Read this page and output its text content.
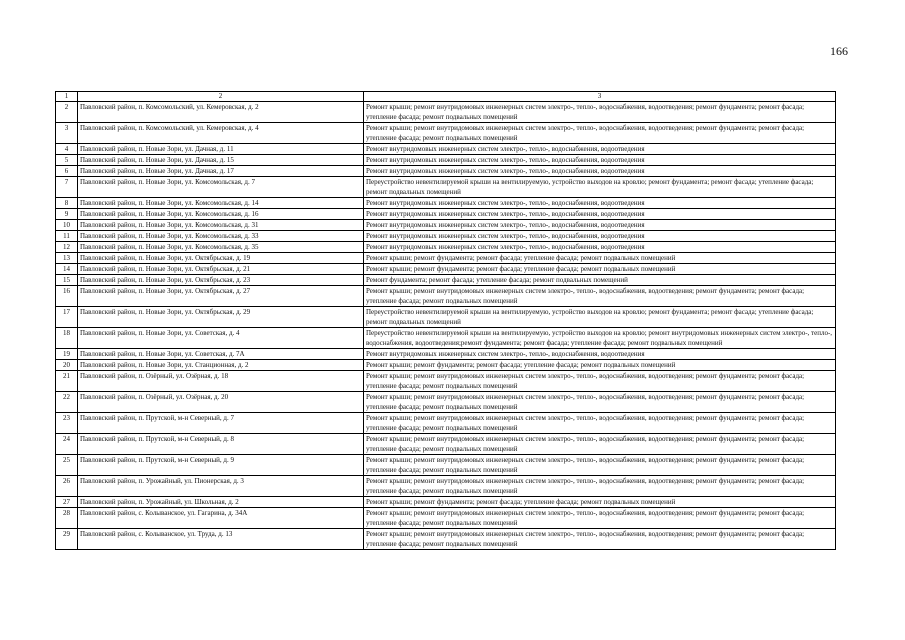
166
1	2	3
2	Павловский район, п. Комсомольский, ул. Кемеровская, д. 2	Ремонт крыши; ремонт внутридомовых инженерных систем электро-, тепло-, водоснабжения, водоотведения; ремонт фундамента; ремонт фасада; утепление фасада; ремонт подвальных помещений
3	Павловский район, п. Комсомольский, ул. Кемеровская, д. 4	Ремонт крыши; ремонт внутридомовых инженерных систем электро-, тепло-, водоснабжения, водоотведения; ремонт фундамента; ремонт фасада; утепление фасада; ремонт подвальных помещений
4	Павловский район, п. Новые Зори, ул. Дачная, д. 11	Ремонт внутридомовых инженерных систем электро-, тепло-, водоснабжения, водоотведения
5	Павловский район, п. Новые Зори, ул. Дачная, д. 15	Ремонт внутридомовых инженерных систем электро-, тепло-, водоснабжения, водоотведения
6	Павловский район, п. Новые Зори, ул. Дачная, д. 17	Ремонт внутридомовых инженерных систем электро-, тепло-, водоснабжения, водоотведения
7	Павловский район, п. Новые Зори, ул. Комсомольская, д. 7	Переустройство невентилируемой крыши на вентилируемую, устройство выходов на кровлю; ремонт фундамента; ремонт фасада; утепление фасада; ремонт подвальных помещений
8	Павловский район, п. Новые Зори, ул. Комсомольская, д. 14	Ремонт внутридомовых инженерных систем электро-, тепло-, водоснабжения, водоотведения
9	Павловский район, п. Новые Зори, ул. Комсомольская, д. 16	Ремонт внутридомовых инженерных систем электро-, тепло-, водоснабжения, водоотведения
10	Павловский район, п. Новые Зори, ул. Комсомольская, д. 31	Ремонт внутридомовых инженерных систем электро-, тепло-, водоснабжения, водоотведения
11	Павловский район, п. Новые Зори, ул. Комсомольская, д. 33	Ремонт внутридомовых инженерных систем электро-, тепло-, водоснабжения, водоотведения
12	Павловский район, п. Новые Зори, ул. Комсомольская, д. 35	Ремонт внутридомовых инженерных систем электро-, тепло-, водоснабжения, водоотведения
13	Павловский район, п. Новые Зори, ул. Октябрьская, д. 19	Ремонт крыши; ремонт фундамента; ремонт фасада; утепление фасада; ремонт подвальных помещений
14	Павловский район, п. Новые Зори, ул. Октябрьская, д. 21	Ремонт крыши; ремонт фундамента; ремонт фасада; утепление фасада; ремонт подвальных помещений
15	Павловский район, п. Новые Зори, ул. Октябрьская, д. 23	Ремонт фундамента; ремонт фасада; утепление фасада; ремонт подвальных помещений
16	Павловский район, п. Новые Зори, ул. Октябрьская, д. 27	Ремонт крыши; ремонт внутридомовых инженерных систем электро-, тепло-, водоснабжения, водоотведения; ремонт фундамента; ремонт фасада; утепление фасада; ремонт подвальных помещений
17	Павловский район, п. Новые Зори, ул. Октябрьская, д. 29	Переустройство невентилируемой крыши на вентилируемую, устройство выходов на кровлю; ремонт фундамента; ремонт фасада; утепление фасада; ремонт подвальных помещений
18	Павловский район, п. Новые Зори, ул. Советская, д. 4	Переустройство невентилируемой крыши на вентилируемую, устройство выходов на кровлю; ремонт внутридомовых инженерных систем электро-, тепло-, водоснабжения, водоотведения;ремонт фундамента; ремонт фасада; утепление фасада; ремонт подвальных помещений
19	Павловский район, п. Новые Зори, ул. Советская, д. 7А	Ремонт внутридомовых инженерных систем электро-, тепло-, водоснабжения, водоотведения
20	Павловский район, п. Новые Зори, ул. Станционная, д. 2	Ремонт крыши; ремонт фундамента; ремонт фасада; утепление фасада; ремонт подвальных помещений
21	Павловский район, п. Озёрный, ул. Озёрная, д. 18	Ремонт крыши; ремонт внутридомовых инженерных систем электро-, тепло-, водоснабжения, водоотведения; ремонт фундамента; ремонт фасада; утепление фасада; ремонт подвальных помещений
22	Павловский район, п. Озёрный, ул. Озёрная, д. 20	Ремонт крыши; ремонт внутридомовых инженерных систем электро-, тепло-, водоснабжения, водоотведения; ремонт фундамента; ремонт фасада; утепление фасада; ремонт подвальных помещений
23	Павловский район, п. Прутской, м-н Северный, д. 7	Ремонт крыши; ремонт внутридомовых инженерных систем электро-, тепло-, водоснабжения, водоотведения; ремонт фундамента; ремонт фасада; утепление фасада; ремонт подвальных помещений
24	Павловский район, п. Прутской, м-н Северный, д. 8	Ремонт крыши; ремонт внутридомовых инженерных систем электро-, тепло-, водоснабжения, водоотведения; ремонт фундамента; ремонт фасада; утепление фасада; ремонт подвальных помещений
25	Павловский район, п. Прутской, м-н Северный, д. 9	Ремонт крыши; ремонт внутридомовых инженерных систем электро-, тепло-, водоснабжения, водоотведения; ремонт фундамента; ремонт фасада; утепление фасада; ремонт подвальных помещений
26	Павловский район, п. Урожайный, ул. Пионерская, д. 3	Ремонт крыши; ремонт внутридомовых инженерных систем электро-, тепло-, водоснабжения, водоотведения; ремонт фундамента; ремонт фасада; утепление фасада; ремонт подвальных помещений
27	Павловский район, п. Урожайный, ул. Школьная, д. 2	Ремонт крыши; ремонт фундамента; ремонт фасада; утепление фасада; ремонт подвальных помещений
28	Павловский район, с. Колыванское, ул. Гагарина, д. 34А	Ремонт крыши; ремонт внутридомовых инженерных систем электро-, тепло-, водоснабжения, водоотведения; ремонт фундамента; ремонт фасада; утепление фасада; ремонт подвальных помещений
29	Павловский район, с. Колыванское, ул. Труда, д. 13	Ремонт крыши; ремонт внутридомовых инженерных систем электро-, тепло-, водоснабжения, водоотведения; ремонт фундамента; ремонт фасада; утепление фасада; ремонт подвальных помещений
